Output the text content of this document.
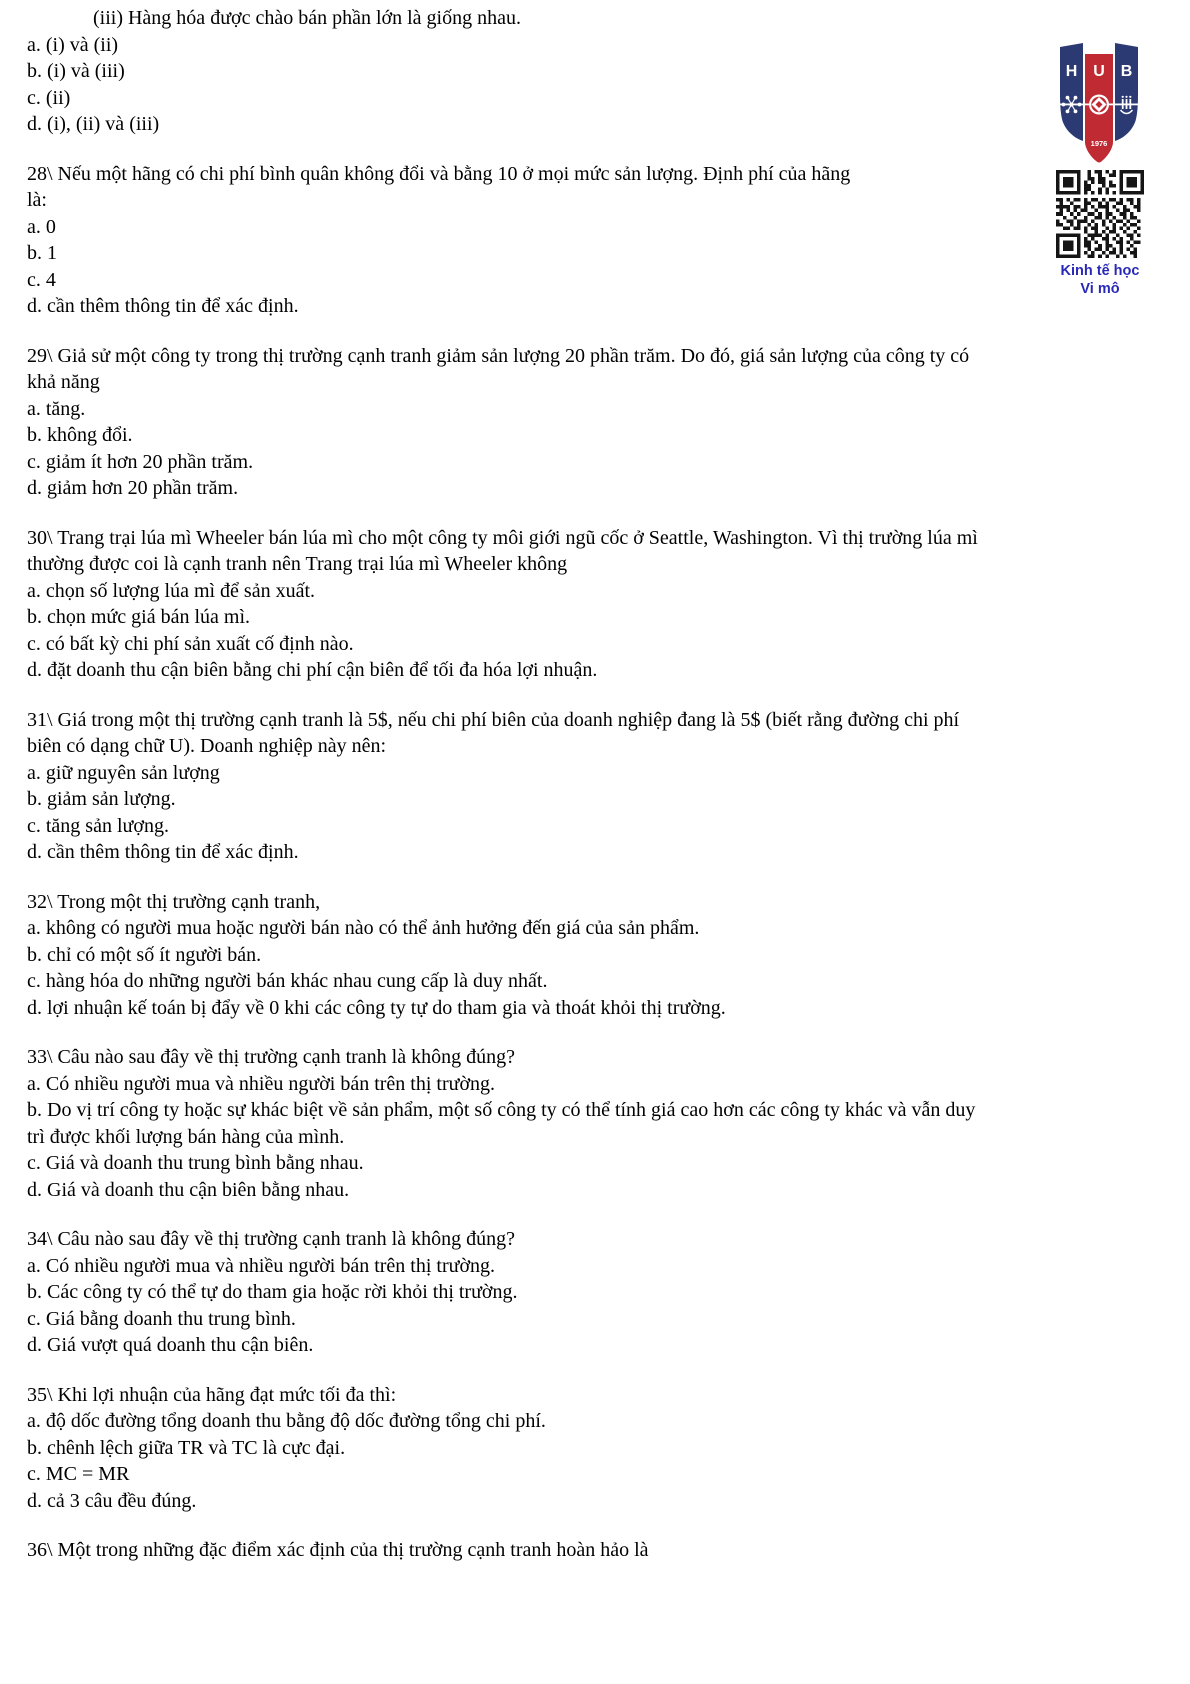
(iii) Hàng hóa được chào bán phần lớn là giống nhau.
a. (i) và (ii)
b. (i) và (iii)
c. (ii)
d. (i), (ii) và (iii)
28\ Nếu một hãng có chi phí bình quân không đổi và bằng 10 ở mọi mức sản lượng. Định phí của hãng
là:
a. 0
b. 1
c. 4
d. cần thêm thông tin để xác định.
29\ Giả sử một công ty trong thị trường cạnh tranh giảm sản lượng 20 phần trăm. Do đó, giá sản lượng của công ty có
khả năng
a. tăng.
b. không đổi.
c. giảm ít hơn 20 phần trăm.
d. giảm hơn 20 phần trăm.
30\ Trang trại lúa mì Wheeler bán lúa mì cho một công ty môi giới ngũ cốc ở Seattle, Washington. Vì thị trường lúa mì
thường được coi là cạnh tranh nên Trang trại lúa mì Wheeler không
a. chọn số lượng lúa mì để sản xuất.
b. chọn mức giá bán lúa mì.
c. có bất kỳ chi phí sản xuất cố định nào.
d. đặt doanh thu cận biên bằng chi phí cận biên để tối đa hóa lợi nhuận.
31\ Giá trong một thị trường cạnh tranh là 5$, nếu chi phí biên của doanh nghiệp đang là 5$ (biết rằng đường chi phí
biên có dạng chữ U). Doanh nghiệp này nên:
a. giữ nguyên sản lượng
b. giảm sản lượng.
c. tăng sản lượng.
d. cần thêm thông tin để xác định.
32\ Trong một thị trường cạnh tranh,
a. không có người mua hoặc người bán nào có thể ảnh hưởng đến giá của sản phẩm.
b. chỉ có một số ít người bán.
c. hàng hóa do những người bán khác nhau cung cấp là duy nhất.
d. lợi nhuận kế toán bị đẩy về 0 khi các công ty tự do tham gia và thoát khỏi thị trường.
33\ Câu nào sau đây về thị trường cạnh tranh là không đúng?
a. Có nhiều người mua và nhiều người bán trên thị trường.
b. Do vị trí công ty hoặc sự khác biệt về sản phẩm, một số công ty có thể tính giá cao hơn các công ty khác và vẫn duy
trì được khối lượng bán hàng của mình.
c. Giá và doanh thu trung bình bằng nhau.
d. Giá và doanh thu cận biên bằng nhau.
34\ Câu nào sau đây về thị trường cạnh tranh là không đúng?
a. Có nhiều người mua và nhiều người bán trên thị trường.
b. Các công ty có thể tự do tham gia hoặc rời khỏi thị trường.
c. Giá bằng doanh thu trung bình.
d. Giá vượt quá doanh thu cận biên.
35\ Khi lợi nhuận của hãng đạt mức tối đa thì:
a. độ dốc đường tổng doanh thu bằng độ dốc đường tổng chi phí.
b. chênh lệch giữa TR và TC là cực đại.
c. MC = MR
d. cả 3 câu đều đúng.
36\ Một trong những đặc điểm xác định của thị trường cạnh tranh hoàn hảo là
H U B
1976
Kinh tế học
Vi mô
